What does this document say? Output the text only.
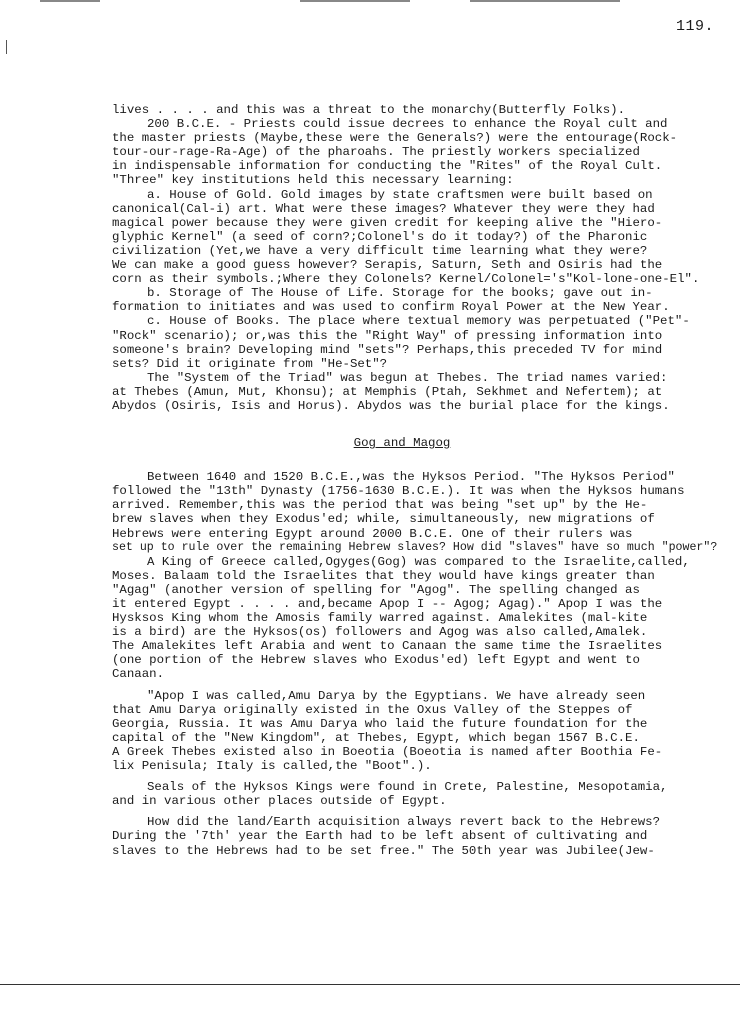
119.
lives . . . . and this was a threat to the monarchy(Butterfly Folks).
200 B.C.E. - Priests could issue decrees to enhance the Royal cult and
the master priests (Maybe,these were the Generals?) were the entourage(Rock-
tour-our-rage-Ra-Age) of the pharoahs. The priestly workers specialized
in indispensable information for conducting the "Rites" of the Royal Cult.
"Three" key institutions held this necessary learning:
a. House of Gold. Gold images by state craftsmen were built based on
canonical(Cal-i) art. What were these images? Whatever they were they had
magical power because they were given credit for keeping alive the "Hiero-
glyphic Kernel" (a seed of corn?;Colonel's do it today?) of the Pharonic
civilization (Yet,we have a very difficult time learning what they were?
We can make a good guess however? Serapis, Saturn, Seth and Osiris had the
corn as their symbols.;Where they Colonels? Kernel/Colonel='s"Kol-lone-one-El".
b. Storage of The House of Life. Storage for the books; gave out in-
formation to initiates and was used to confirm Royal Power at the New Year.
c. House of Books. The place where textual memory was perpetuated ("Pet"-
"Rock" scenario); or,was this the "Right Way" of pressing information into
someone's brain? Developing mind "sets"? Perhaps,this preceded TV for mind
sets? Did it originate from "He-Set"?
The "System of the Triad" was begun at Thebes. The triad names varied:
at Thebes (Amun, Mut, Khonsu); at Memphis (Ptah, Sekhmet and Nefertem); at
Abydos (Osiris, Isis and Horus). Abydos was the burial place for the kings.
Gog and Magog
Between 1640 and 1520 B.C.E.,was the Hyksos Period. "The Hyksos Period"
followed the "13th" Dynasty (1756-1630 B.C.E.). It was when the Hyksos humans
arrived. Remember,this was the period that was being "set up" by the He-
brew slaves when they Exodus'ed; while, simultaneously, new migrations of
Hebrews were entering Egypt around 2000 B.C.E. One of their rulers was
set up to rule over the remaining Hebrew slaves? How did "slaves" have so much "power"?
A King of Greece called,Ogyges(Gog) was compared to the Israelite,called,
Moses. Balaam told the Israelites that they would have kings greater than
"Agag" (another version of spelling for "Agog". The spelling changed as
it entered Egypt . . . . and,became Apop I -- Agog; Agag)." Apop I was the
Hysksos King whom the Amosis family warred against. Amalekites (mal-kite
is a bird) are the Hyksos(os) followers and Agog was also called,Amalek.
The Amalekites left Arabia and went to Canaan the same time the Israelites
(one portion of the Hebrew slaves who Exodus'ed) left Egypt and went to
Canaan.
"Apop I was called,Amu Darya by the Egyptians. We have already seen
that Amu Darya originally existed in the Oxus Valley of the Steppes of
Georgia, Russia. It was Amu Darya who laid the future foundation for the
capital of the "New Kingdom", at Thebes, Egypt, which began 1567 B.C.E.
A Greek Thebes existed also in Boeotia (Boeotia is named after Boothia Fe-
lix Penisula; Italy is called,the "Boot".).
Seals of the Hyksos Kings were found in Crete, Palestine, Mesopotamia,
and in various other places outside of Egypt.
How did the land/Earth acquisition always revert back to the Hebrews?
During the '7th' year the Earth had to be left absent of cultivating and
slaves to the Hebrews had to be set free." The 50th year was Jubilee(Jew-
